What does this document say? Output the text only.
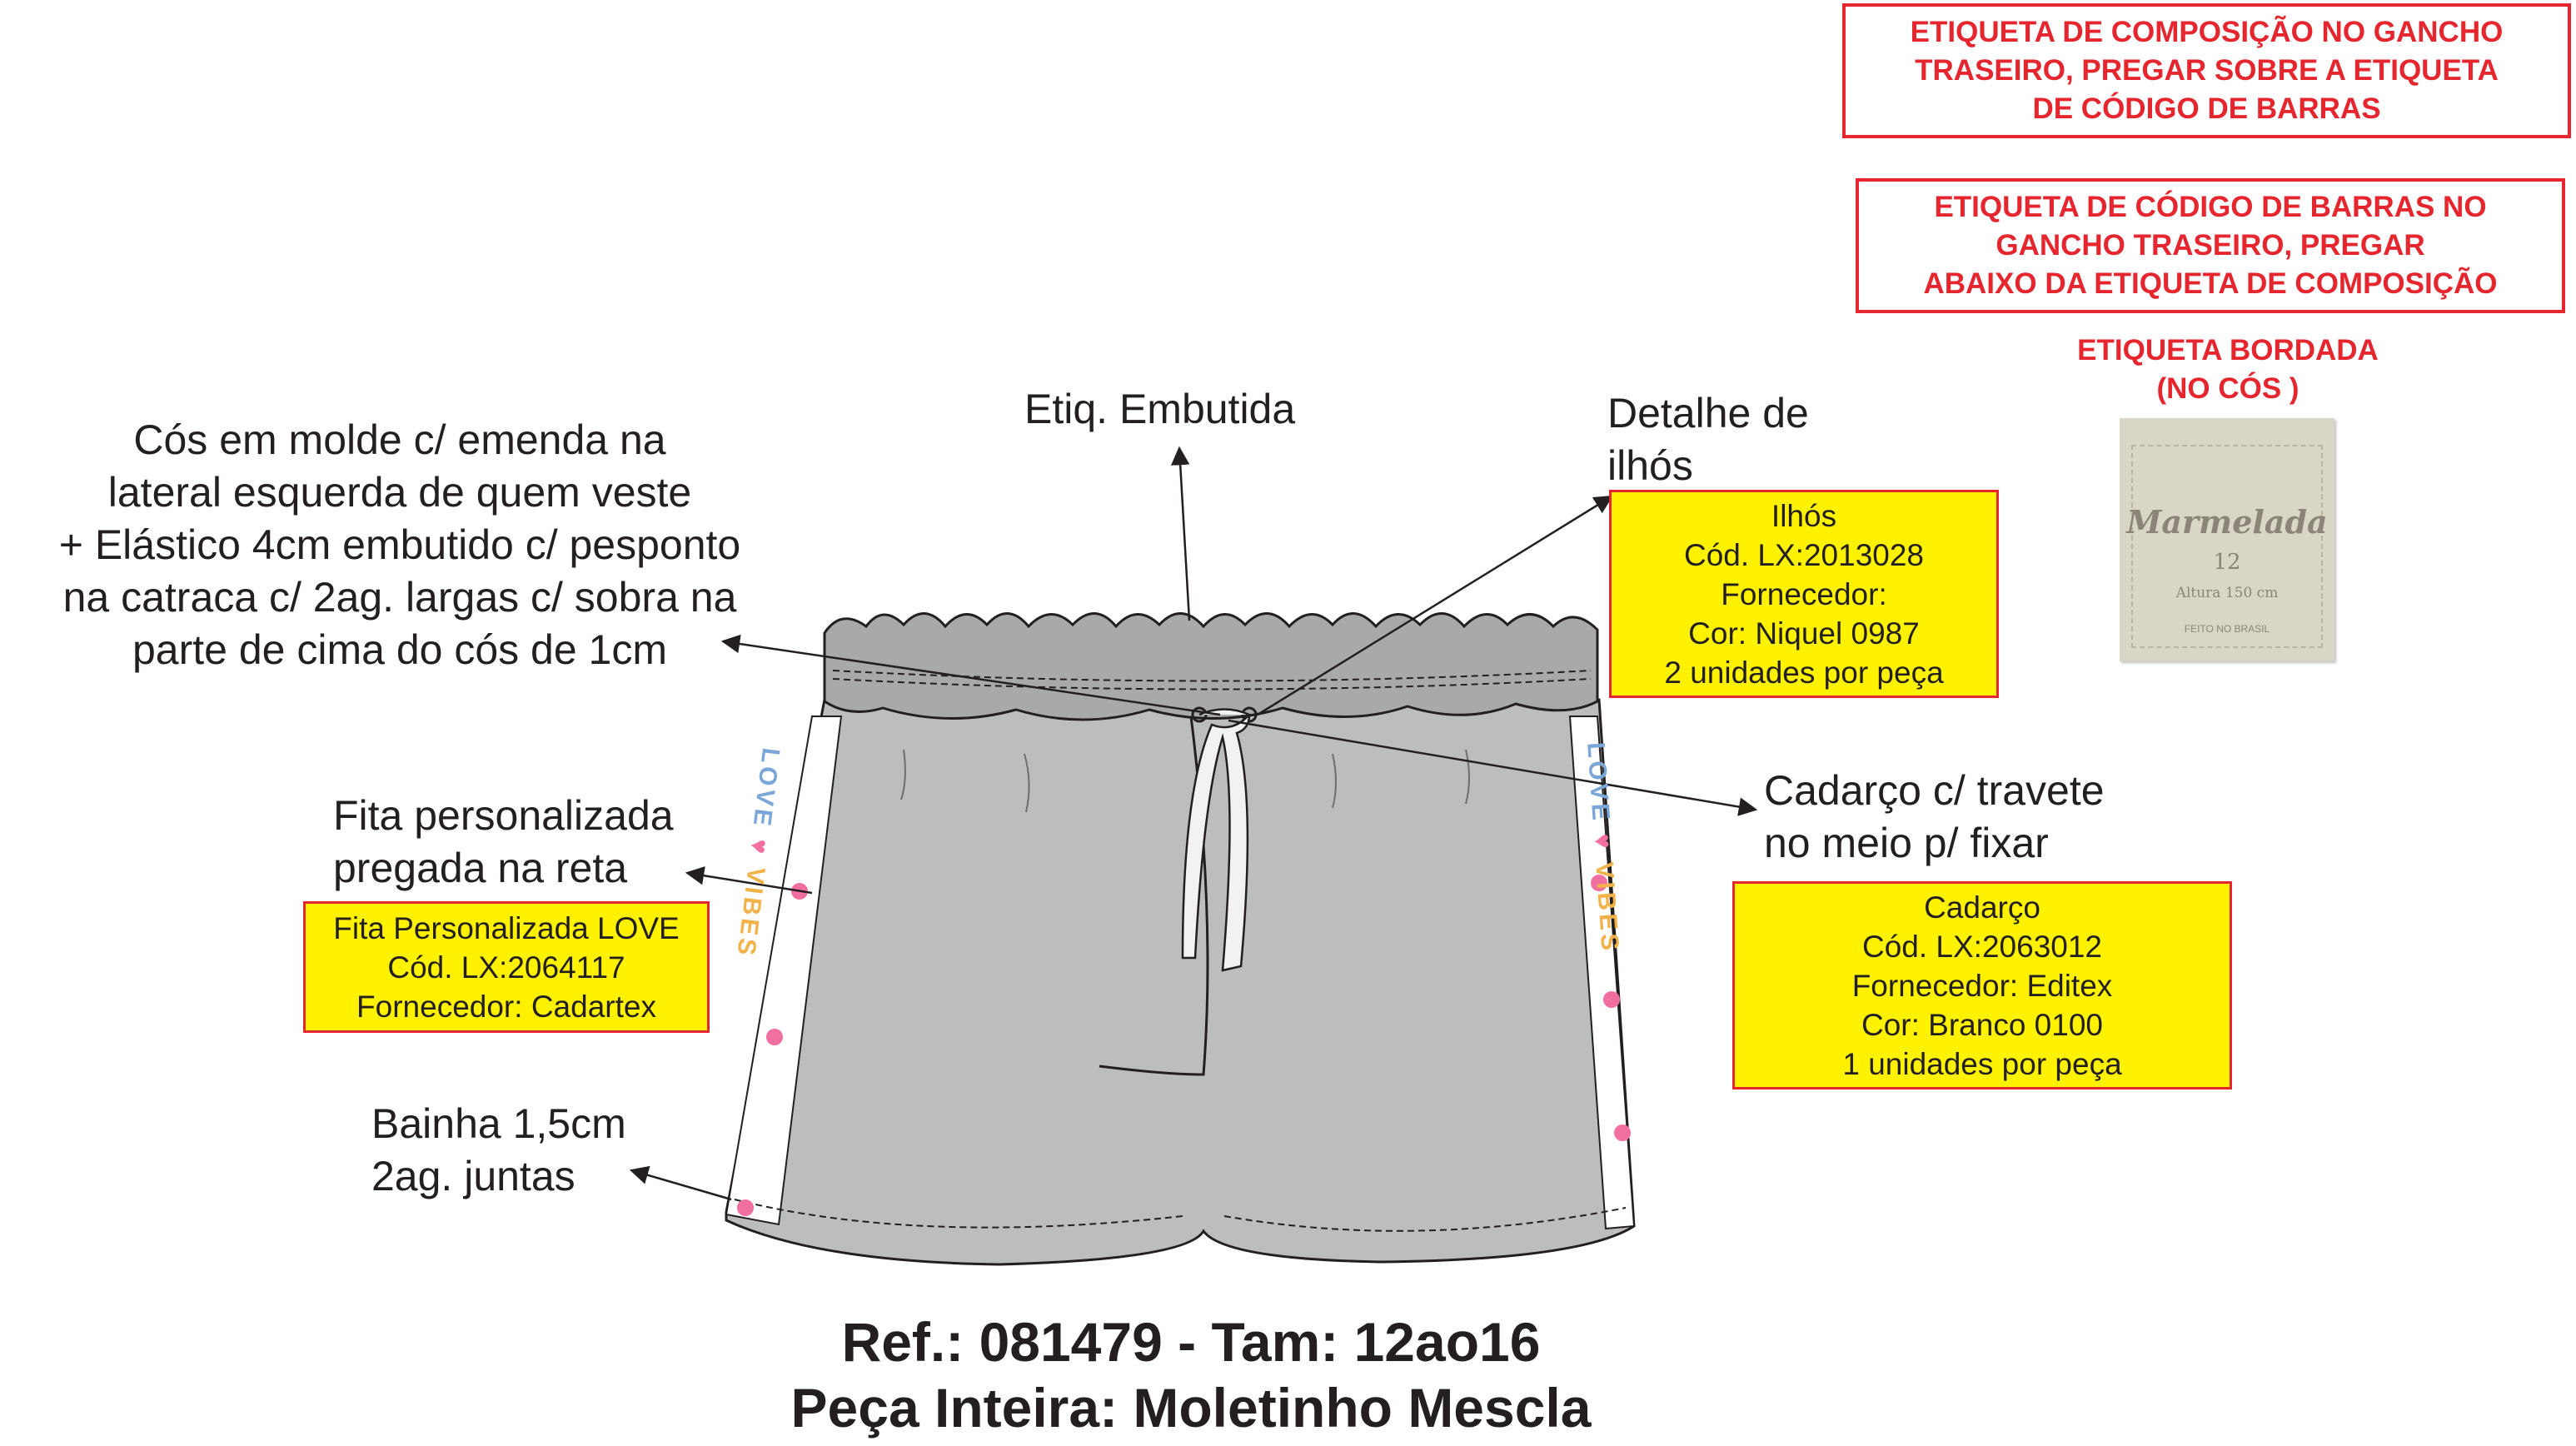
ETIQUETA DE COMPOSIÇÃO NO GANCHO
TRASEIRO, PREGAR SOBRE A ETIQUETA
DE CÓDIGO DE BARRAS
ETIQUETA DE CÓDIGO DE BARRAS NO
GANCHO TRASEIRO, PREGAR
ABAIXO DA ETIQUETA DE COMPOSIÇÃO
ETIQUETA BORDADA
(NO CÓS )
Marmelada
12
Altura 150 cm
FEITO NO BRASIL
LOVE ♥ VIBES
LOVE ♥ VIBES
Cós em molde c/ emenda na
lateral esquerda de quem veste
+ Elástico 4cm embutido c/ pesponto
na catraca c/ 2ag. largas c/ sobra na
parte de cima do cós de 1cm
Etiq. Embutida	Detalhe de
ilhós
Fita personalizada
pregada na reta
Cadarço c/ travete
no meio p/ fixar
Bainha 1,5cm
2ag. juntas
Ilhós
Cód. LX:2013028
Fornecedor:
Cor: Niquel 0987
2 unidades por peça
Fita Personalizada LOVE
Cód. LX:2064117
Fornecedor: Cadartex
Cadarço
Cód. LX:2063012
Fornecedor: Editex
Cor: Branco 0100
1 unidades por peça
Ref.: 081479 - Tam: 12ao16
Peça Inteira: Moletinho Mescla
